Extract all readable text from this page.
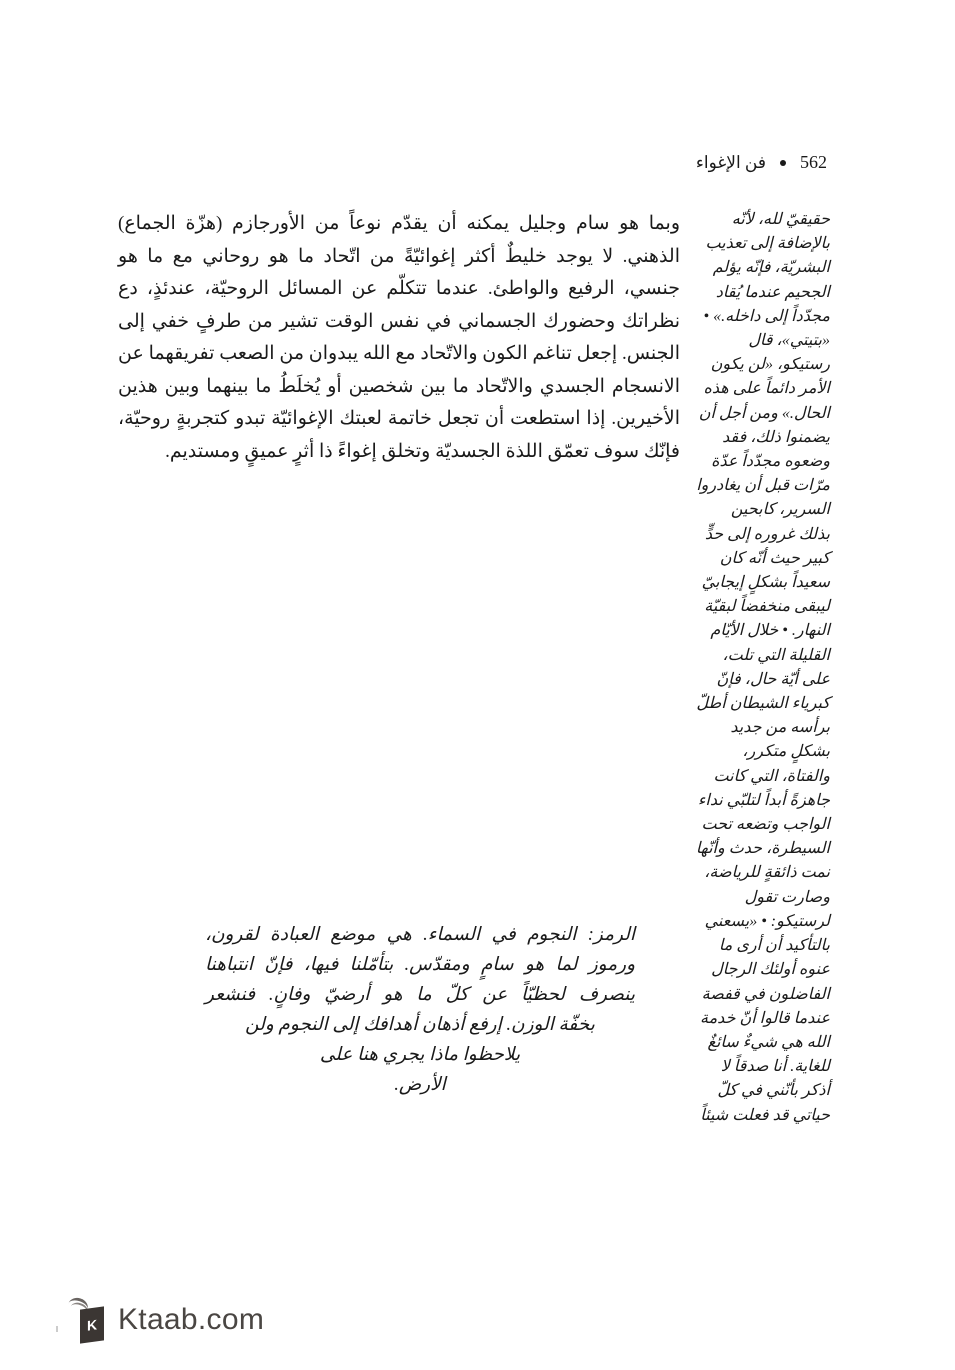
562
فن الإغواء
وبما هو سام وجليل يمكنه أن يقدّم نوعاً من الأورجازم (هزّة الجماع)
الذهني. لا يوجد خليطٌ أكثر إغوائيّةً من اتّحاد ما هو روحاني مع ما هو
جنسي، الرفيع والواطئ. عندما تتكلّم عن المسائل الروحيّة، عندئذٍ، دع
نظراتك وحضورك الجسماني في نفس الوقت تشير من طرفٍ خفي إلى
الجنس. إجعل تناغم الكون والاتّحاد مع الله يبدوان من الصعب تفريقهما عن
الانسجام الجسدي والاتّحاد ما بين شخصين أو يُخلَطُ ما بينهما وبين هذين
الأخيرين. إذا استطعت أن تجعل خاتمة لعبتك الإغوائيّة تبدو كتجربةٍ روحيّة،
فإنّك سوف تعمّق اللذة الجسديّة وتخلق إغواءً ذا أثرٍ عميقٍ ومستديم.
حقيقيّ لله، لأنّه
بالإضافة إلى تعذيب
البشريّة، فإنّه يؤلم
الجحيم عندما يُقاد
مجدّداً إلى داخله.» •
«بتيتي»، قال
رستيكو، «لن يكون
الأمر دائماً على هذه
الحال.» ومن أجل أن
يضمنوا ذلك، فقد
وضعوه مجدّداً عدّة
مرّات قبل أن يغادروا
السرير، كابحين
بذلك غروره إلى حدٍّ
كبير حيث أنّه كان
سعيداً بشكلٍ إيجابيّ
ليبقى منخفضاً لبقيّة
النهار. • خلال الأيّام
القليلة التي تلت،
على أيّة حال، فإنّ
كبرياء الشيطان أطلّ
برأسه من جديد
بشكلٍ متكرر،
والفتاة، التي كانت
جاهزةً أبداً لتلبّي نداء
الواجب وتضعه تحت
السيطرة، حدث وأنّها
نمت ذائقةٍ للرياضة،
وصارت تقول
لرستيكو: • «يسعني
بالتأكيد أن أرى ما
عنوه أولئك الرجال
الفاضلون في قفصة
عندما قالوا أنّ خدمة
الله هي شيءٌ سائغٌ
للغاية. أنا صدقاً لا
أذكر بأنّني في كلّ
حياتي قد فعلت شيئاً
الرمز: النجوم في السماء. هي موضع العبادة لقرون،
ورموز لما هو سامٍ ومقدّس. بتأمّلنا فيها، فإنّ انتباهنا
ينصرف لحظيّاً عن كلّ ما هو أرضيّ وفانٍ. فنشعر
بخفّة الوزن. إرفع أذهان أهدافك إلى النجوم ولن
يلاحظوا ماذا يجري هنا على
الأرض.
K Ktaab.com
